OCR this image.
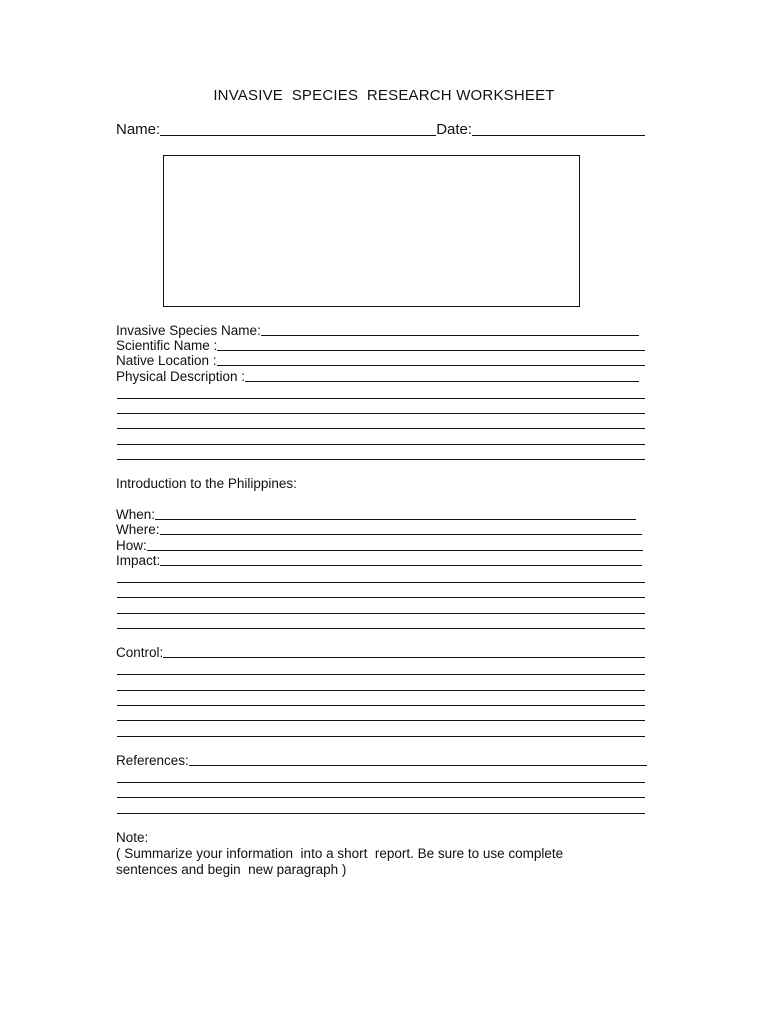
INVASIVE  SPECIES  RESEARCH WORKSHEET
Name:	Date:
Invasive Species Name:
Scientific Name :
Native Location :
Physical Description :
Introduction to the Philippines:
When:
Where:
How:
Impact:
Control:
References:
Note:
( Summarize your information  into a short  report. Be sure to use complete
sentences and begin  new paragraph )
